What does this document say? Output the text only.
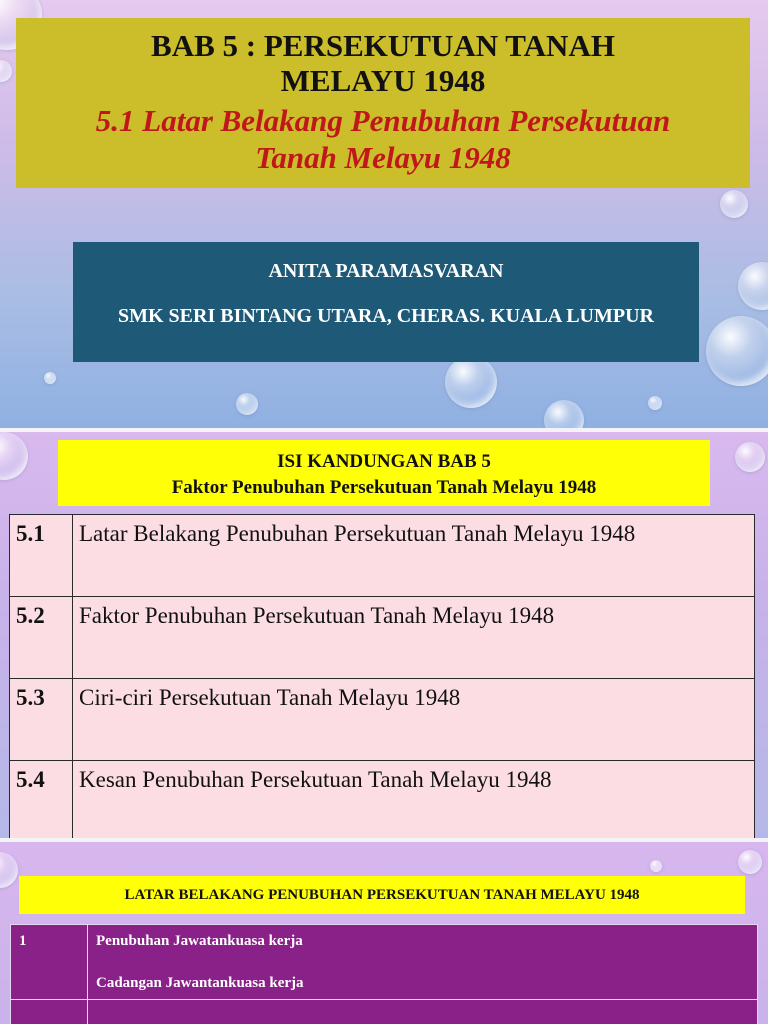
BAB 5 : PERSEKUTUAN TANAH
MELAYU 1948
5.1 Latar Belakang Penubuhan Persekutuan
Tanah Melayu 1948
ANITA PARAMASVARAN
SMK SERI BINTANG UTARA, CHERAS. KUALA LUMPUR
ISI KANDUNGAN BAB 5
Faktor Penubuhan Persekutuan Tanah Melayu 1948
5.1	Latar Belakang Penubuhan Persekutuan Tanah Melayu 1948
5.2	Faktor Penubuhan Persekutuan Tanah Melayu 1948
5.3	Ciri-ciri Persekutuan Tanah Melayu 1948
5.4	Kesan Penubuhan Persekutuan Tanah Melayu 1948
LATAR BELAKANG PENUBUHAN PERSEKUTUAN TANAH MELAYU 1948
1	Penubuhan Jawatankuasa kerja
Cadangan Jawantankuasa kerja
